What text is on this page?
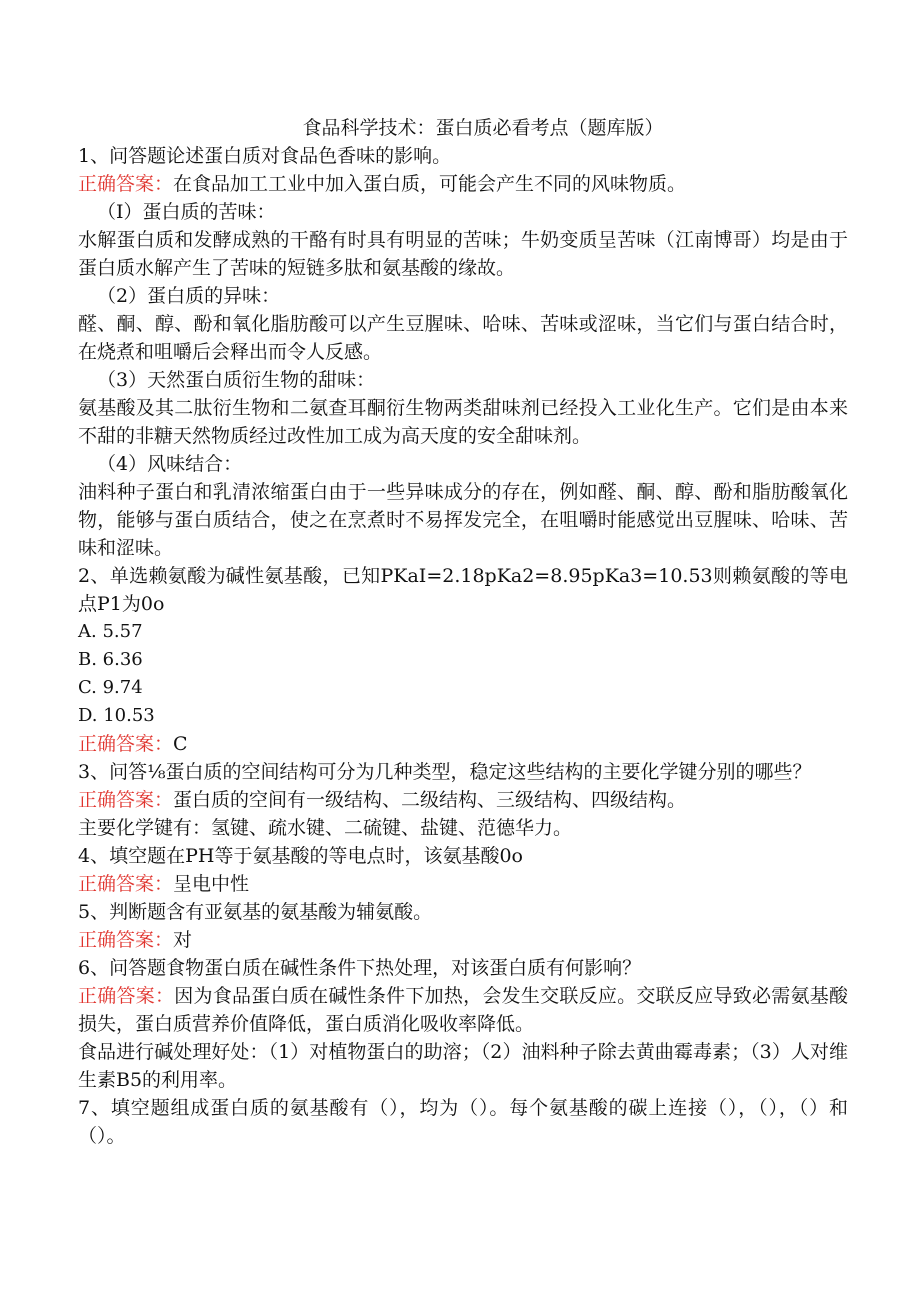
食品科学技术：蛋白质必看考点（题库版）
1、问答题论述蛋白质对食品色香味的影响。
正确答案：在食品加工工业中加入蛋白质，可能会产生不同的风味物质。
（I）蛋白质的苦味：
水解蛋白质和发酵成熟的干酪有时具有明显的苦味；牛奶变质呈苦味（江南博哥）均是由于蛋白质水解产生了苦味的短链多肽和氨基酸的缘故。
（2）蛋白质的异味：
醛、酮、醇、酚和氧化脂肪酸可以产生豆腥味、哈味、苦味或涩味，当它们与蛋白结合时，在烧煮和咀嚼后会释出而令人反感。
（3）天然蛋白质衍生物的甜味：
氨基酸及其二肽衍生物和二氨查耳酮衍生物两类甜味剂已经投入工业化生产。它们是由本来不甜的非糖天然物质经过改性加工成为高天度的安全甜味剂。
（4）风味结合：
油料种子蛋白和乳清浓缩蛋白由于一些异味成分的存在，例如醛、酮、醇、酚和脂肪酸氧化物，能够与蛋白质结合，使之在烹煮时不易挥发完全，在咀嚼时能感觉出豆腥味、哈味、苦味和涩味。
2、单选赖氨酸为碱性氨基酸，已知PKaI=2.18pKa2=8.95pKa3=10.53则赖氨酸的等电点P1为0o
A. 5.57
B. 6.36
C. 9.74
D. 10.53
正确答案：C
3、问答⅛蛋白质的空间结构可分为几种类型，稳定这些结构的主要化学键分别的哪些？
正确答案：蛋白质的空间有一级结构、二级结构、三级结构、四级结构。
主要化学键有：氢键、疏水键、二硫键、盐键、范德华力。
4、填空题在PH等于氨基酸的等电点时，该氨基酸0o
正确答案：呈电中性
5、判断题含有亚氨基的氨基酸为辅氨酸。
正确答案：对
6、问答题食物蛋白质在碱性条件下热处理，对该蛋白质有何影响？
正确答案：因为食品蛋白质在碱性条件下加热，会发生交联反应。交联反应导致必需氨基酸损失，蛋白质营养价值降低，蛋白质消化吸收率降低。
食品进行碱处理好处：（1）对植物蛋白的助溶；（2）油料种子除去黄曲霉毒素；（3）人对维生素B5的利用率。
7、填空题组成蛋白质的氨基酸有（），均为（）。每个氨基酸的碳上连接（），（），（）和（）。
